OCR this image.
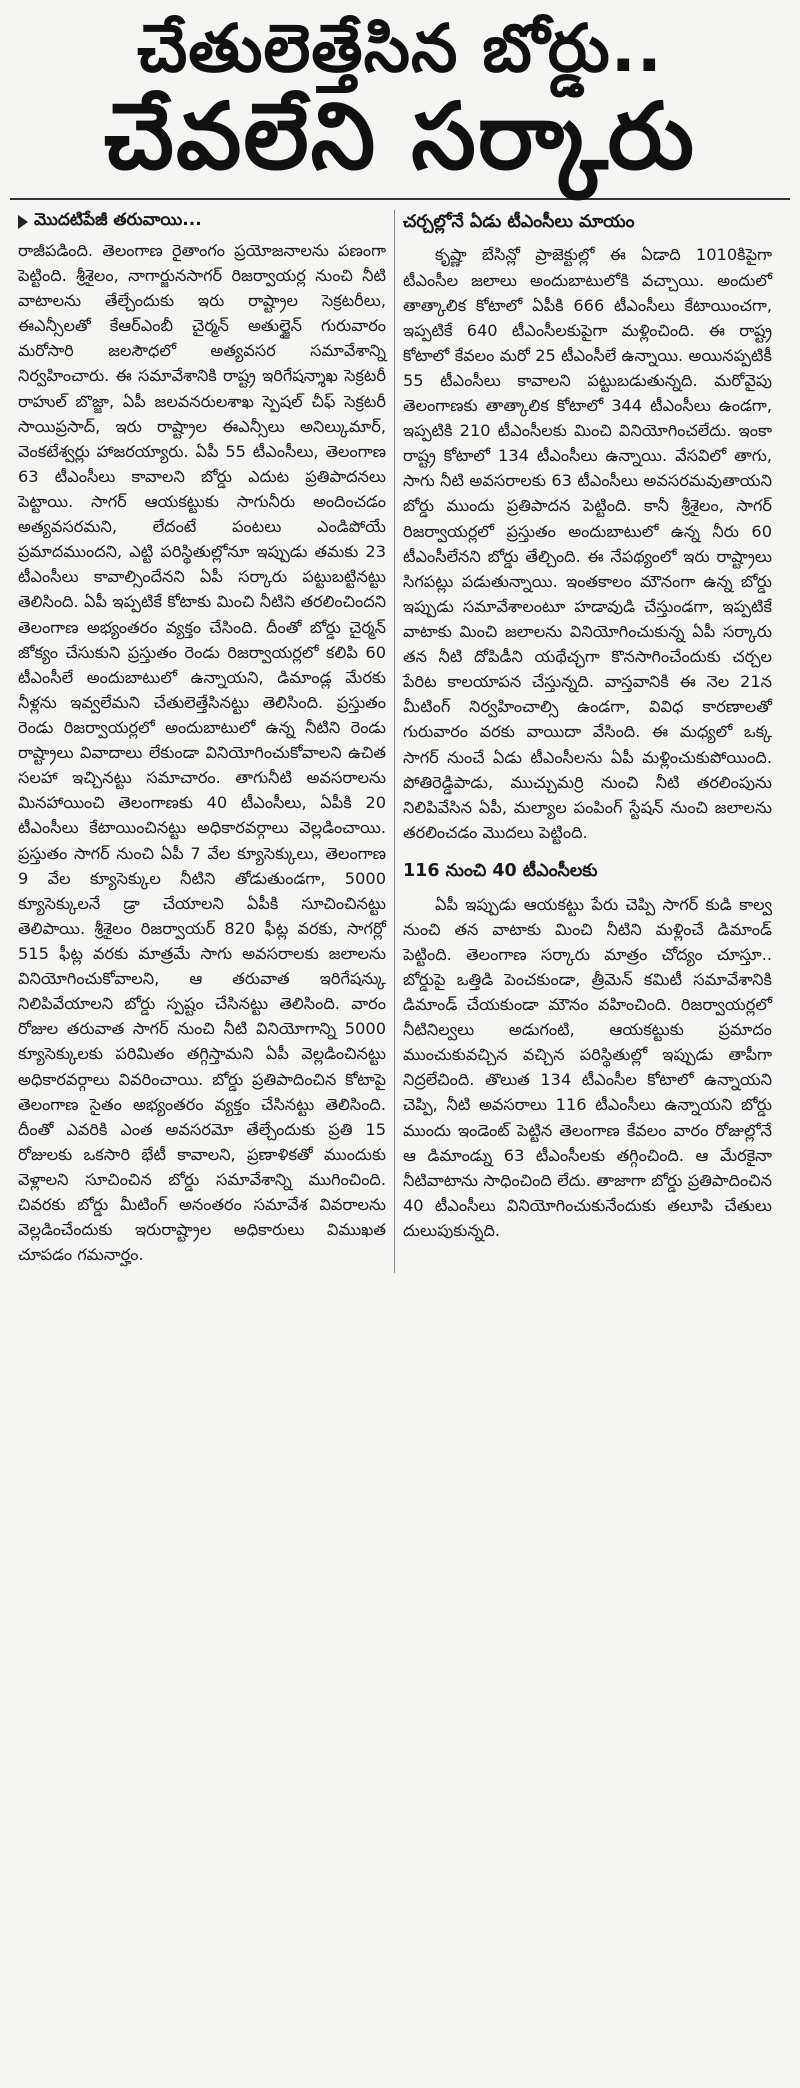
చేతులెత్తేసిన బోర్డు..
చేవలేని సర్కారు
మొదటిపేజీ తరువాయి...

రాజీపడింది. తెలంగాణ రైతాంగం ప్రయోజనాలను పణంగా పెట్టింది. శ్రీశైలం, నాగార్జునసాగర్ రిజర్వాయర్ల నుంచి నీటి వాటాలను తేల్చేందుకు ఇరు రాష్ట్రాల సెక్రటరీలు, ఈఎన్సీలతో కేఆర్ఎంబీ చైర్మన్ అతుల్జైన్ గురువారం మరోసారి జలసౌధలో అత్యవసర సమావేశాన్ని నిర్వహించారు. ఈ సమావేశానికి రాష్ట్ర ఇరిగేషన్శాఖ సెక్రటరీ రాహుల్ బొజ్జా, ఏపీ జలవనరులశాఖ స్పెషల్ చీఫ్ సెక్రటరీ సాయిప్రసాద్, ఇరు రాష్ట్రాల ఈఎన్సీలు అనిల్కుమార్, వెంకటేశ్వర్లు హాజరయ్యారు. ఏపీ 55 టీఎంసీలు, తెలంగాణ 63 టీఎంసీలు కావాలని బోర్డు ఎదుట ప్రతిపాదనలు పెట్టాయి. సాగర్ ఆయకట్టుకు సాగునీరు అందించడం అత్యవసరమని, లేదంటే పంటలు ఎండిపోయే ప్రమాదముందని, ఎట్టి పరిస్థితుల్లోనూ ఇప్పుడు తమకు 23 టీఎంసీలు కావాల్సిందేనని ఏపీ సర్కారు పట్టుబట్టినట్టు తెలిసింది. ఏపీ ఇప్పటికే కోటాకు మించి నీటిని తరలించిందని తెలంగాణ అభ్యంతరం వ్యక్తం చేసింది. దీంతో బోర్డు చైర్మన్ జోక్యం చేసుకుని ప్రస్తుతం రెండు రిజర్వాయర్లలో కలిపి 60 టీఎంసీలే అందుబాటులో ఉన్నాయని, డిమాండ్ల మేరకు నీళ్లను ఇవ్వలేమని చేతులెత్తేసినట్టు తెలిసింది. ప్రస్తుతం రెండు రిజర్వాయర్లలో అందుబాటులో ఉన్న నీటిని రెండు రాష్ట్రాలు వివాదాలు లేకుండా వినియోగించుకోవాలని ఉచిత సలహా ఇచ్చినట్టు సమాచారం. తాగునీటి అవసరాలను మినహాయించి తెలంగాణకు 40 టీఎంసీలు, ఏపీకి 20 టీఎంసీలు కేటాయించినట్టు అధికారవర్గాలు వెల్లడించాయి. ప్రస్తుతం సాగర్ నుంచి ఏపీ 7 వేల క్యూసెక్కులు, తెలంగాణ 9 వేల క్యూసెక్కుల నీటిని తోడుతుండగా, 5000 క్యూసెక్కులనే డ్రా చేయాలని ఏపీకి సూచించినట్టు తెలిపాయి. శ్రీశైలం రిజర్వాయర్ 820 ఫీట్ల వరకు, సాగర్లో 515 ఫీట్ల వరకు మాత్రమే సాగు అవసరాలకు జలాలను వినియోగించుకోవాలని, ఆ తరువాత ఇరిగేషన్కు నిలిపివేయాలని బోర్డు స్పష్టం చేసినట్టు తెలిసింది. వారం రోజుల తరువాత సాగర్ నుంచి నీటి వినియోగాన్ని 5000 క్యూసెక్కులకు పరిమితం తగ్గిస్తామని ఏపీ వెల్లడించినట్టు అధికారవర్గాలు వివరించాయి. బోర్డు ప్రతిపాదించిన కోటాపై తెలంగాణ సైతం అభ్యంతరం వ్యక్తం చేసినట్టు తెలిసింది. దీంతో ఎవరికి ఎంత అవసరమో తేల్చేందుకు ప్రతి 15 రోజులకు ఒకసారి భేటీ కావాలని, ప్రణాళికతో ముందుకు వెళ్లాలని సూచించిన బోర్డు సమావేశాన్ని ముగించింది. చివరకు బోర్డు మీటింగ్ అనంతరం సమావేశ వివరాలను వెల్లడించేందుకు ఇరురాష్ట్రాల అధికారులు విముఖత చూపడం గమనార్హం.

చర్చల్లోనే ఏడు టీఎంసీలు మాయం

కృష్ణా బేసిన్లో ప్రాజెక్టుల్లో ఈ ఏడాది 1010కిపైగా టీఎంసీల జలాలు అందుబాటులోకి వచ్చాయి. అందులో తాత్కాలిక కోటాలో ఏపీకి 666 టీఎంసీలు కేటాయించగా, ఇప్పటికే 640 టీఎంసీలకుపైగా మళ్లించింది. ఈ రాష్ట్ర కోటాలో కేవలం మరో 25 టీఎంసీలే ఉన్నాయి. అయినప్పటికీ 55 టీఎంసీలు కావాలని పట్టుబడుతున్నది. మరోవైపు తెలంగాణకు తాత్కాలిక కోటాలో 344 టీఎంసీలు ఉండగా, ఇప్పటికి 210 టీఎంసీలకు మించి వినియోగించలేదు. ఇంకా రాష్ట్ర కోటాలో 134 టీఎంసీలు ఉన్నాయి. వేసవిలో తాగు, సాగు నీటి అవసరాలకు 63 టీఎంసీలు అవసరమవుతాయని బోర్డు ముందు ప్రతిపాదన పెట్టింది. కానీ శ్రీశైలం, సాగర్ రిజర్వాయర్లలో ప్రస్తుతం అందుబాటులో ఉన్న నీరు 60 టీఎంసీలేనని బోర్డు తేల్చింది. ఈ నేపథ్యంలో ఇరు రాష్ట్రాలు సిగపట్లు పడుతున్నాయి. ఇంతకాలం మౌనంగా ఉన్న బోర్డు ఇప్పుడు సమావేశాలంటూ హడావుడి చేస్తుండగా, ఇప్పటికే వాటాకు మించి జలాలను వినియోగించుకున్న ఏపీ సర్కారు తన నీటి దోపిడీని యథేచ్ఛగా కొనసాగించేందుకు చర్చల పేరిట కాలయాపన చేస్తున్నది. వాస్తవానికి ఈ నెల 21న మీటింగ్ నిర్వహించాల్సి ఉండగా, వివిధ కారణాలతో గురువారం వరకు వాయిదా వేసింది. ఈ మధ్యలో ఒక్క సాగర్ నుంచే ఏడు టీఎంసీలను ఏపీ మళ్లించుకుపోయింది. పోతిరెడ్డిపాడు, ముచ్చుమర్రి నుంచి నీటి తరలింపును నిలిపివేసిన ఏపీ, మల్యాల పంపింగ్ స్టేషన్ నుంచి జలాలను తరలించడం మొదలు పెట్టింది.

116 నుంచి 40 టీఎంసీలకు

ఏపీ ఇప్పుడు ఆయకట్టు పేరు చెప్పి సాగర్ కుడి కాల్వ నుంచి తన వాటాకు మించి నీటిని మళ్లించే డిమాండ్ పెట్టింది. తెలంగాణ సర్కారు మాత్రం చోద్యం చూస్తూ.. బోర్డుపై ఒత్తిడి పెంచకుండా, త్రీమెన్ కమిటీ సమావేశానికి డిమాండ్ చేయకుండా మౌనం వహించింది. రిజర్వాయర్లలో నీటినిల్వలు అడుగంటి, ఆయకట్టుకు ప్రమాదం ముంచుకువచ్చిన వచ్చిన పరిస్థితుల్లో ఇప్పుడు తాపీగా నిద్రలేచింది. తొలుత 134 టీఎంసీల కోటాలో ఉన్నాయని చెప్పి, నీటి అవసరాలు 116 టీఎంసీలు ఉన్నాయని బోర్డు ముందు ఇండెంట్ పెట్టిన తెలంగాణ కేవలం వారం రోజుల్లోనే ఆ డిమాండ్ను 63 టీఎంసీలకు తగ్గించింది. ఆ మేరకైనా నీటివాటాను సాధించింది లేదు. తాజాగా బోర్డు ప్రతిపాదించిన 40 టీఎంసీలు వినియోగించుకునేందుకు తలూపి చేతులు దులుపుకున్నది.
